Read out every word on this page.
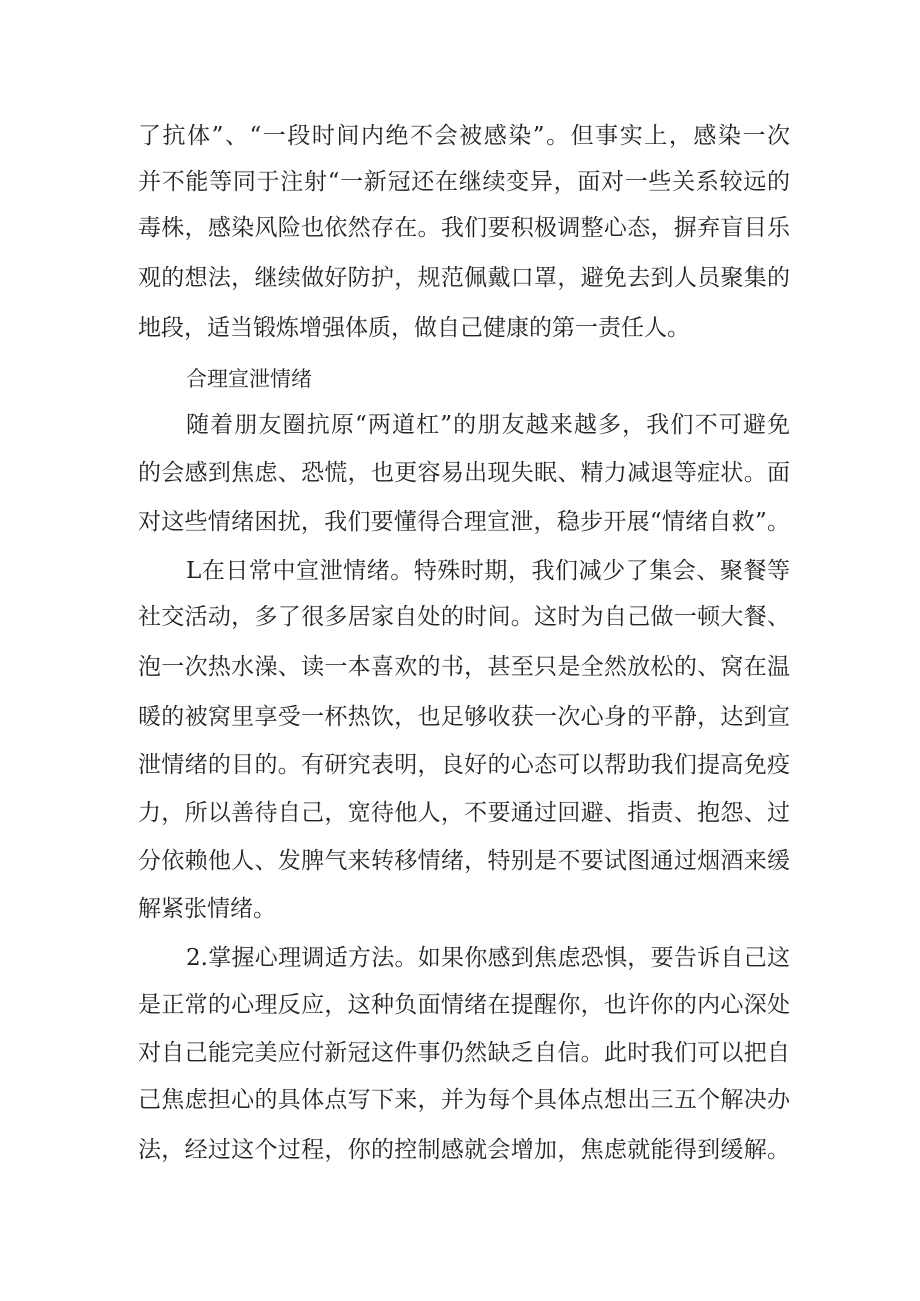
了抗体”、“一段时间内绝不会被感染”。但事实上，感染一次
并不能等同于注射“一新冠还在继续变异，面对一些关系较远的
毒株，感染风险也依然存在。我们要积极调整心态，摒弃盲目乐
观的想法，继续做好防护，规范佩戴口罩，避免去到人员聚集的
地段，适当锻炼增强体质，做自己健康的第一责任人。
合理宣泄情绪
随着朋友圈抗原“两道杠”的朋友越来越多，我们不可避免
的会感到焦虑、恐慌，也更容易出现失眠、精力减退等症状。面
对这些情绪困扰，我们要懂得合理宣泄，稳步开展“情绪自救”。
L在日常中宣泄情绪。特殊时期，我们减少了集会、聚餐等
社交活动，多了很多居家自处的时间。这时为自己做一顿大餐、
泡一次热水澡、读一本喜欢的书，甚至只是全然放松的、窝在温
暖的被窝里享受一杯热饮，也足够收获一次心身的平静，达到宣
泄情绪的目的。有研究表明，良好的心态可以帮助我们提高免疫
力，所以善待自己，宽待他人，不要通过回避、指责、抱怨、过
分依赖他人、发脾气来转移情绪，特别是不要试图通过烟酒来缓
解紧张情绪。
2.掌握心理调适方法。如果你感到焦虑恐惧，要告诉自己这
是正常的心理反应，这种负面情绪在提醒你，也许你的内心深处
对自己能完美应付新冠这件事仍然缺乏自信。此时我们可以把自
己焦虑担心的具体点写下来，并为每个具体点想出三五个解决办
法，经过这个过程，你的控制感就会增加，焦虑就能得到缓解。
